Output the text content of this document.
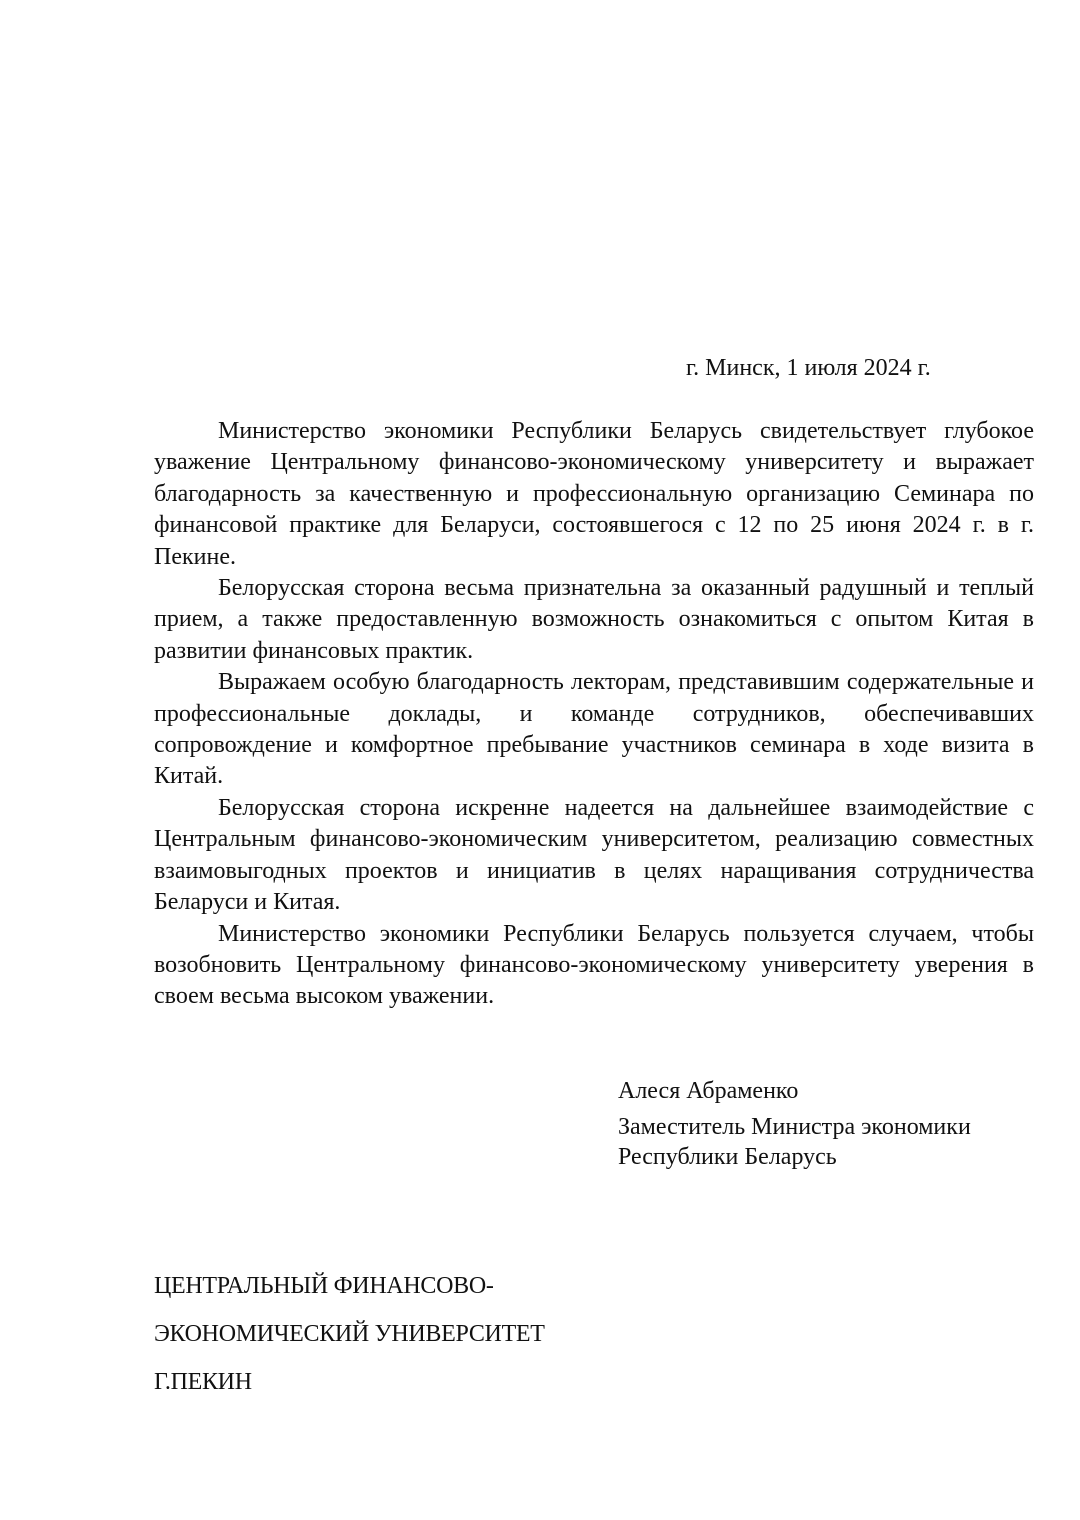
г. Минск, 1 июля 2024 г.

Министерство экономики Республики Беларусь свидетельствует глубокое уважение Центральному финансово-экономическому университету и выражает благодарность за качественную и профессиональную организацию Семинара по финансовой практике для Беларуси, состоявшегося с 12 по 25 июня 2024 г. в г. Пекине.

Белорусская сторона весьма признательна за оказанный радушный и теплый прием, а также предоставленную возможность ознакомиться с опытом Китая в развитии финансовых практик.

Выражаем особую благодарность лекторам, представившим содержательные и профессиональные доклады, и команде сотрудников, обеспечивавших сопровождение и комфортное пребывание участников семинара в ходе визита в Китай.

Белорусская сторона искренне надеется на дальнейшее взаимодействие с Центральным финансово-экономическим университетом, реализацию совместных взаимовыгодных проектов и инициатив в целях наращивания сотрудничества Беларуси и Китая.

Министерство экономики Республики Беларусь пользуется случаем, чтобы возобновить Центральному финансово-экономическому университету уверения в своем весьма высоком уважении.

Алеся Абраменко
Заместитель Министра экономики Республики Беларусь
ЦЕНТРАЛЬНЫЙ ФИНАНСОВО-
ЭКОНОМИЧЕСКИЙ УНИВЕРСИТЕТ
Г.ПЕКИН
